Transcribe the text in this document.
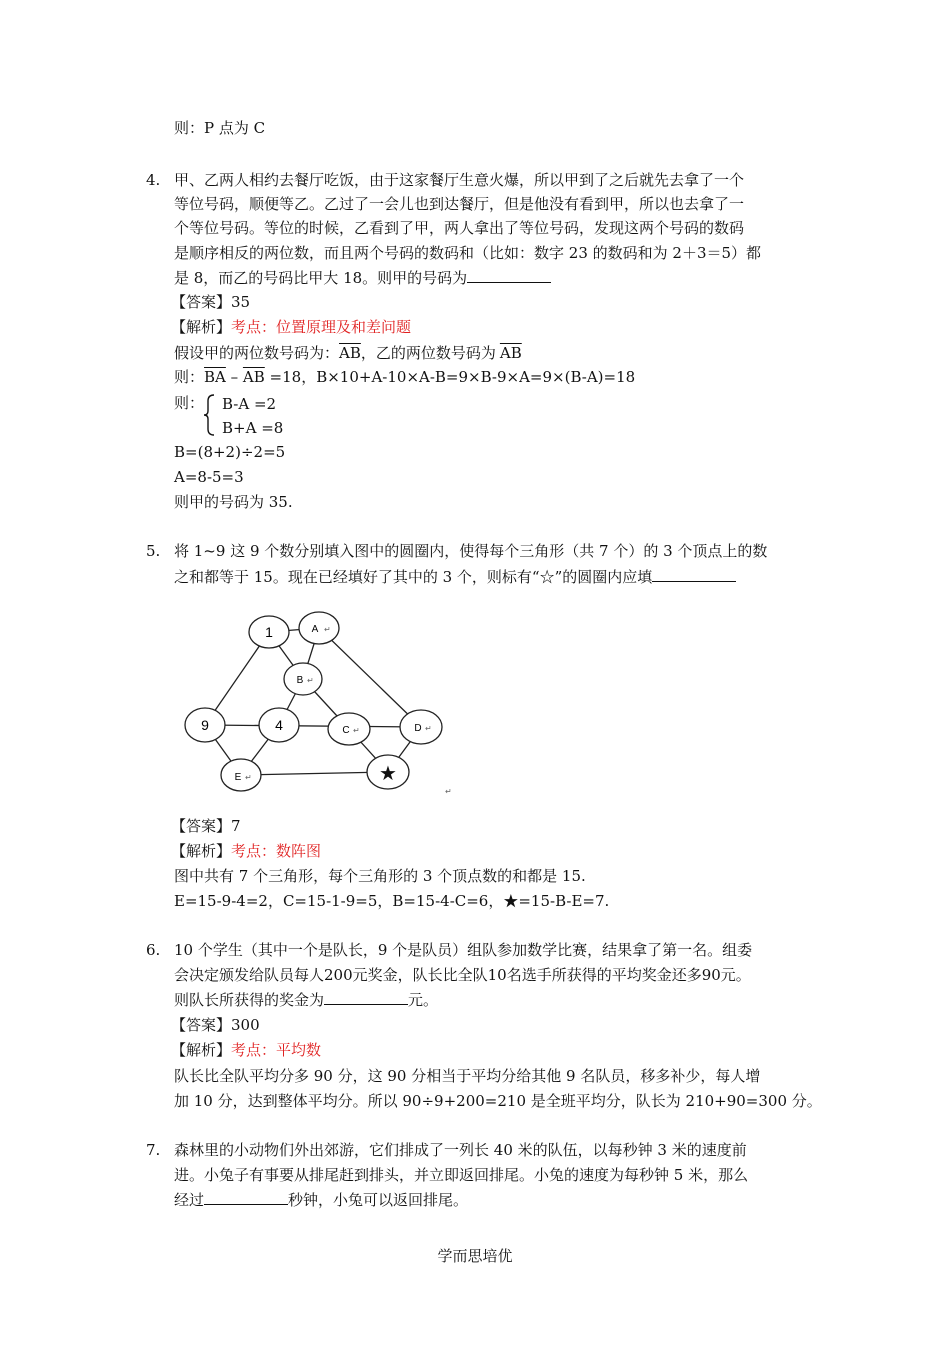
则：P 点为 C
4. 甲、乙两人相约去餐厅吃饭，由于这家餐厅生意火爆，所以甲到了之后就先去拿了一个
等位号码，顺便等乙。乙过了一会儿也到达餐厅，但是他没有看到甲，所以也去拿了一
个等位号码。等位的时候，乙看到了甲，两人拿出了等位号码，发现这两个号码的数码
是顺序相反的两位数，而且两个号码的数码和（比如：数字 23 的数码和为 2＋3＝5）都
是 8，而乙的号码比甲大 18。则甲的号码为
【答案】35
【解析】考点：位置原理及和差问题
假设甲的两位数号码为：$\overline{AB}$，乙的两位数号码为 $\overline{AB}$
则：$\overline{BA} - \overline{AB} =18$，B×10+A-10×A-B=9×B-9×A=9×(B-A)=18
则： B-A =2
B+A =8
B=(8+2)÷2=5
A=8-5=3
则甲的号码为 35.
5. 将 1~9 这 9 个数分别填入图中的圆圈内，使得每个三角形（共 7 个）的 3 个顶点上的数
之和都等于 15。现在已经填好了其中的 3 个，则标有“☆”的圆圈内应填
1	A ↵
B ↵
9	4	C ↵	D ↵
E ↵	★
↵
【答案】7
【解析】考点：数阵图
图中共有 7 个三角形，每个三角形的 3 个顶点数的和都是 15.
E=15-9-4=2，C=15-1-9=5，B=15-4-C=6，★=15-B-E=7.
6. 10 个学生（其中一个是队长，9 个是队员）组队参加数学比赛，结果拿了第一名。组委
会决定颁发给队员每人200元奖金，队长比全队10名选手所获得的平均奖金还多90元。
则队长所获得的奖金为	元。
【答案】300
【解析】考点：平均数
队长比全队平均分多 90 分，这 90 分相当于平均分给其他 9 名队员，移多补少，每人增
加 10 分，达到整体平均分。所以 90÷9+200=210 是全班平均分，队长为 210+90=300 分。
7. 森林里的小动物们外出郊游，它们排成了一列长 40 米的队伍，以每秒钟 3 米的速度前
进。小兔子有事要从排尾赶到排头，并立即返回排尾。小兔的速度为每秒钟 5 米，那么
经过	秒钟，小兔可以返回排尾。
学而思培优
